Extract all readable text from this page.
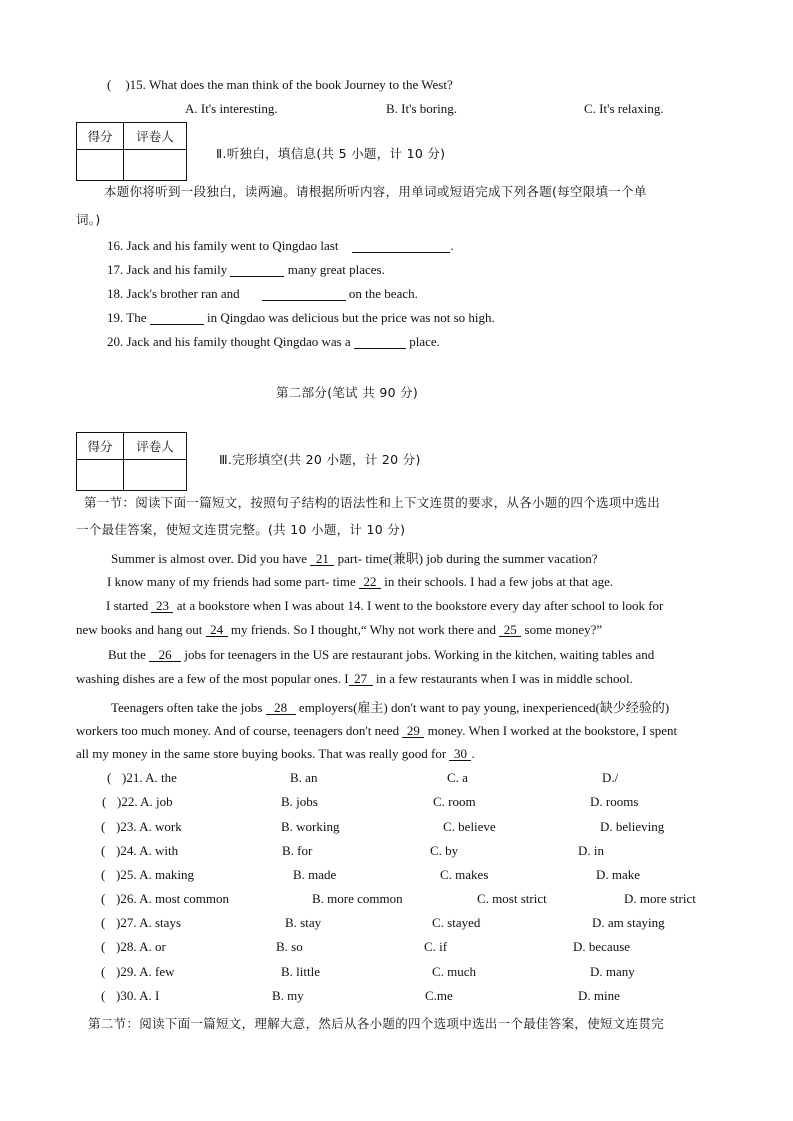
( )15. What does the man think of the book Journey to the West?
A. It's interesting.	B. It's boring.	C. It's relaxing.
得分	评卷人

Ⅱ.听独白，填信息(共 5 小题，计 10 分)
本题你将听到一段独白，读两遍。请根据所听内容，用单词或短语完成下列各题(每空限填一个单
词。)
16. Jack and his family went to Qingdao last	.
17. Jack and his family	many great places.
18. Jack's brother ran and	on the beach.
19. The	in Qingdao was delicious but the price was not so high.
20. Jack and his family thought Qingdao was a	place.
第二部分(笔试 共 90 分)
得分	评卷人

Ⅲ.完形填空(共 20 小题，计 20 分)
第一节：阅读下面一篇短文，按照句子结构的语法性和上下文连贯的要求，从各小题的四个选项中选出
一个最佳答案，使短文连贯完整。(共 10 小题，计 10 分)
Summer is almost over. Did you have 21 part- time(兼职) job during the summer vacation?
I know many of my friends had some part- time 22 in their schools. I had a few jobs at that age.
I started 23 at a bookstore when I was about 14. I went to the bookstore every day after school to look for
new books and hang out 24 my friends. So I thought,“ Why not work there and 25 some money?”
But the 26 jobs for teenagers in the US are restaurant jobs. Working in the kitchen, waiting tables and
washing dishes are a few of the most popular ones. I 27 in a few restaurants when I was in middle school.
Teenagers often take the jobs 28 employers(雇主) don't want to pay young, inexperienced(缺少经验的)
workers too much money. And of course, teenagers don't need 29 money. When I worked at the bookstore, I spent
all my money in the same store buying books. That was really good for 30 .
( )21. A. the	B. an	C. a	D./
( )22. A. job	B. jobs	C. room	D. rooms
( )23. A. work	B. working	C. believe	D. believing
( )24. A. with	B. for	C. by	D. in
( )25. A. making	B. made	C. makes	D. make
( )26. A. most common	B. more common	C. most strict	D. more strict
( )27. A. stays	B. stay	C. stayed	D. am staying
( )28. A. or	B. so	C. if	D. because
( )29. A. few	B. little	C. much	D. many
( )30. A. I	B. my	C.me	D. mine
第二节：阅读下面一篇短文，理解大意，然后从各小题的四个选项中选出一个最佳答案，使短文连贯完
